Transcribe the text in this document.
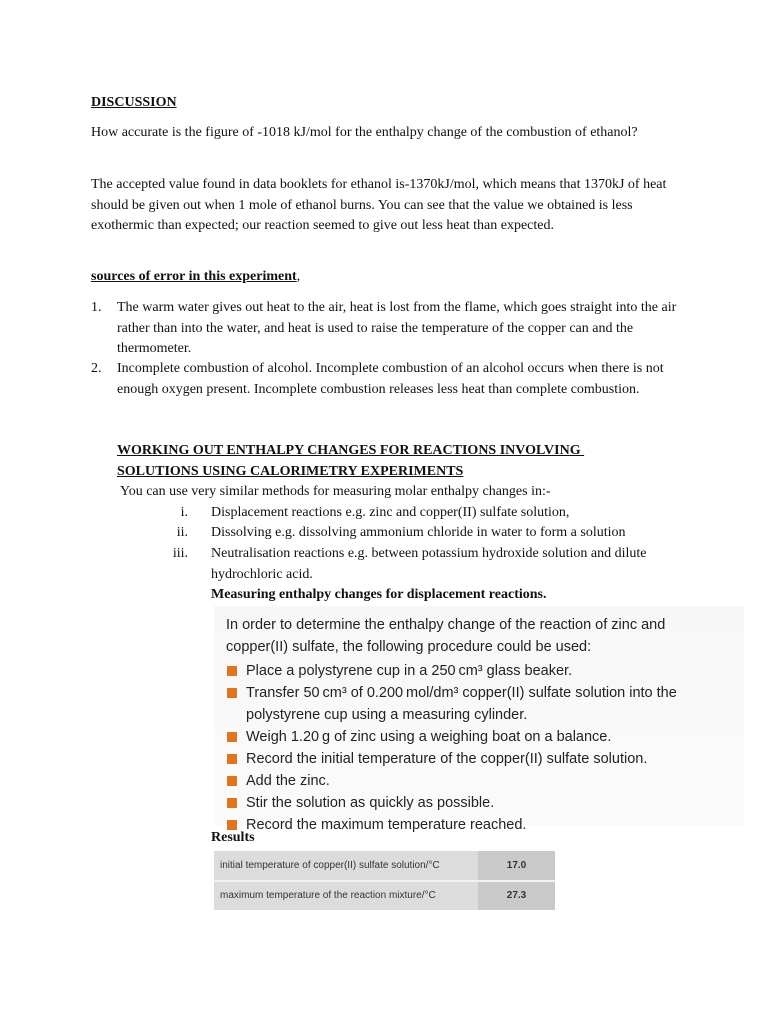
DISCUSSION
How accurate is the figure of -1018 kJ/mol for the enthalpy change of the combustion of ethanol?
The accepted value found in data booklets for ethanol is-1370kJ/mol, which means that 1370kJ of heat should be given out when 1 mole of ethanol burns. You can see that the value we obtained is less exothermic than expected; our reaction seemed to give out less heat than expected.
sources of error in this experiment,
1.	The warm water gives out heat to the air, heat is lost from the flame, which goes straight into the air rather than into the water, and heat is used to raise the temperature of the copper can and the thermometer.
2.	Incomplete combustion of alcohol. Incomplete combustion of an alcohol occurs when there is not enough oxygen present. Incomplete combustion releases less heat than complete combustion.
WORKING OUT ENTHALPY CHANGES FOR REACTIONS INVOLVING
SOLUTIONS USING CALORIMETRY EXPERIMENTS
You can use very similar methods for measuring molar enthalpy changes in:-
i.	Displacement reactions e.g. zinc and copper(II) sulfate solution,
ii.	Dissolving e.g. dissolving ammonium chloride in water to form a solution
iii.	Neutralisation reactions e.g. between potassium hydroxide solution and dilute hydrochloric acid.
Measuring enthalpy changes for displacement reactions.
In order to determine the enthalpy change of the reaction of zinc and
copper(II) sulfate, the following procedure could be used:
Place a polystyrene cup in a 250 cm³ glass beaker.
Transfer 50 cm³ of 0.200 mol/dm³ copper(II) sulfate solution into the
polystyrene cup using a measuring cylinder.
Weigh 1.20 g of zinc using a weighing boat on a balance.
Record the initial temperature of the copper(II) sulfate solution.
Add the zinc.
Stir the solution as quickly as possible.
Record the maximum temperature reached.
Results
initial temperature of copper(II) sulfate solution/°C	17.0
maximum temperature of the reaction mixture/°C	27.3
